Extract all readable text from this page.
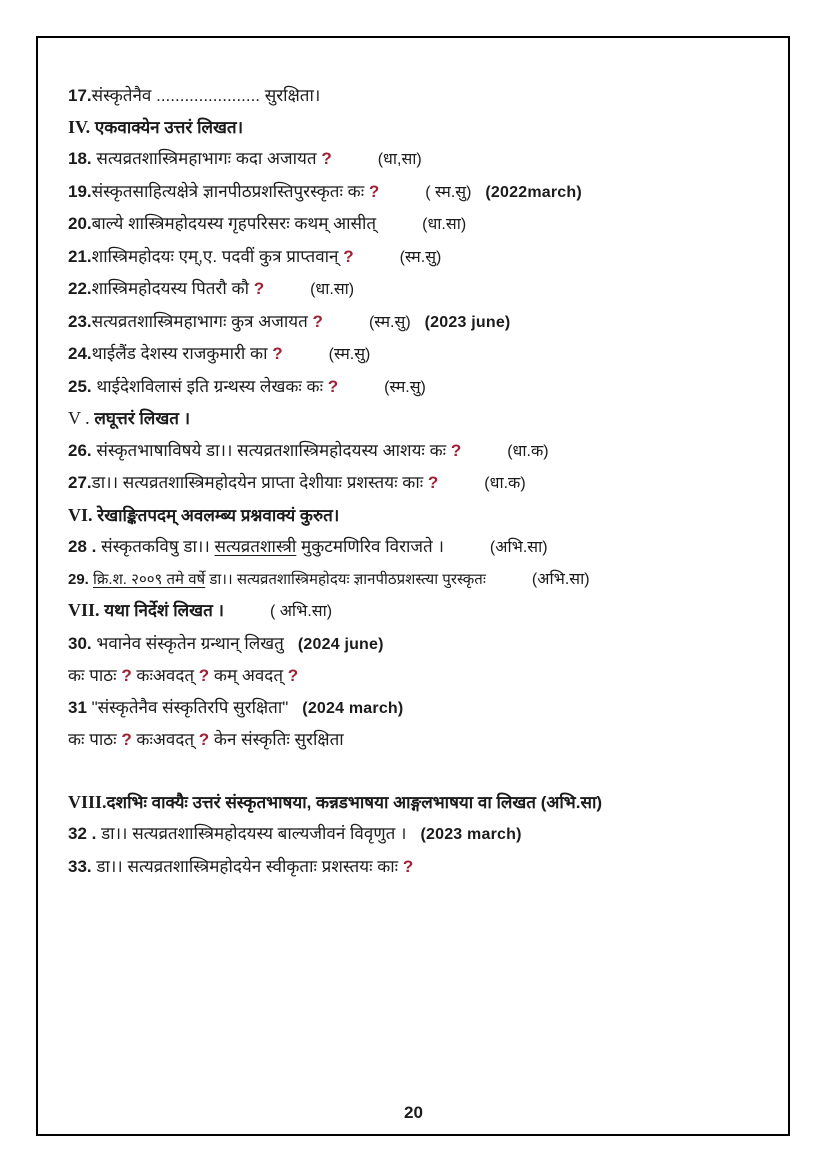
17.संस्कृतेनैव ...................... सुरक्षिता।
IV. एकवाक्येन उत्तरं लिखत।
18. सत्यव्रतशास्त्रिमहाभागः कदा अजायत ?	(धा,सा)
19.संस्कृतसाहित्यक्षेत्रे ज्ञानपीठप्रशस्तिपुरस्कृतः कः ?	( स्म.सु) (2022march)
20.बाल्ये शास्त्रिमहोदयस्य गृहपरिसरः कथम् आसीत्	(धा.सा)
21.शास्त्रिमहोदयः एम्,ए. पदवीं कुत्र प्राप्तवान् ?	(स्म.सु)
22.शास्त्रिमहोदयस्य पितरौ कौ ?	(धा.सा)
23.सत्यव्रतशास्त्रिमहाभागः कुत्र अजायत ?	(स्म.सु) (2023 june)
24.थाईलैंड देशस्य राजकुमारी का ?	(स्म.सु)
25. थाईदेशविलासं इति ग्रन्थस्य लेखकः कः ?	(स्म.सु)
V . लघूत्तरं लिखत ।
26. संस्कृतभाषाविषये डा।। सत्यव्रतशास्त्रिमहोदयस्य आशयः कः ?	(धा.क)
27.डा।। सत्यव्रतशास्त्रिमहोदयेन प्राप्ता देशीयाः प्रशस्तयः काः ?	(धा.क)
VI. रेखाङ्कितपदम् अवलम्ब्य प्रश्नवाक्यं कुरुत।
28 . संस्कृतकविषु डा।। सत्यव्रतशास्त्री मुकुटमणिरिव विराजते ।	(अभि.सा)
29. क्रि.श. २००९ तमे वर्षे डा।। सत्यव्रतशास्त्रिमहोदयः ज्ञानपीठप्रशस्त्या पुरस्कृतः	(अभि.सा)
VII. यथा निर्देशं लिखत ।	( अभि.सा)
30. भवानेव संस्कृतेन ग्रन्थान् लिखतु (2024 june)
कः पाठः ? कःअवदत् ? कम् अवदत् ?
31 "संस्कृतेनैव संस्कृतिरपि सुरक्षिता" (2024 march)
कः पाठः ? कःअवदत् ? केन संस्कृतिः सुरक्षिता
VIII.दशभिः वाक्यैः उत्तरं संस्कृतभाषया, कन्नडभाषया आङ्गलभाषया वा लिखत (अभि.सा)
32 . डा।। सत्यव्रतशास्त्रिमहोदयस्य बाल्यजीवनं विवृणुत । (2023 march)
33. डा।। सत्यव्रतशास्त्रिमहोदयेन स्वीकृताः प्रशस्तयः काः ?
20
